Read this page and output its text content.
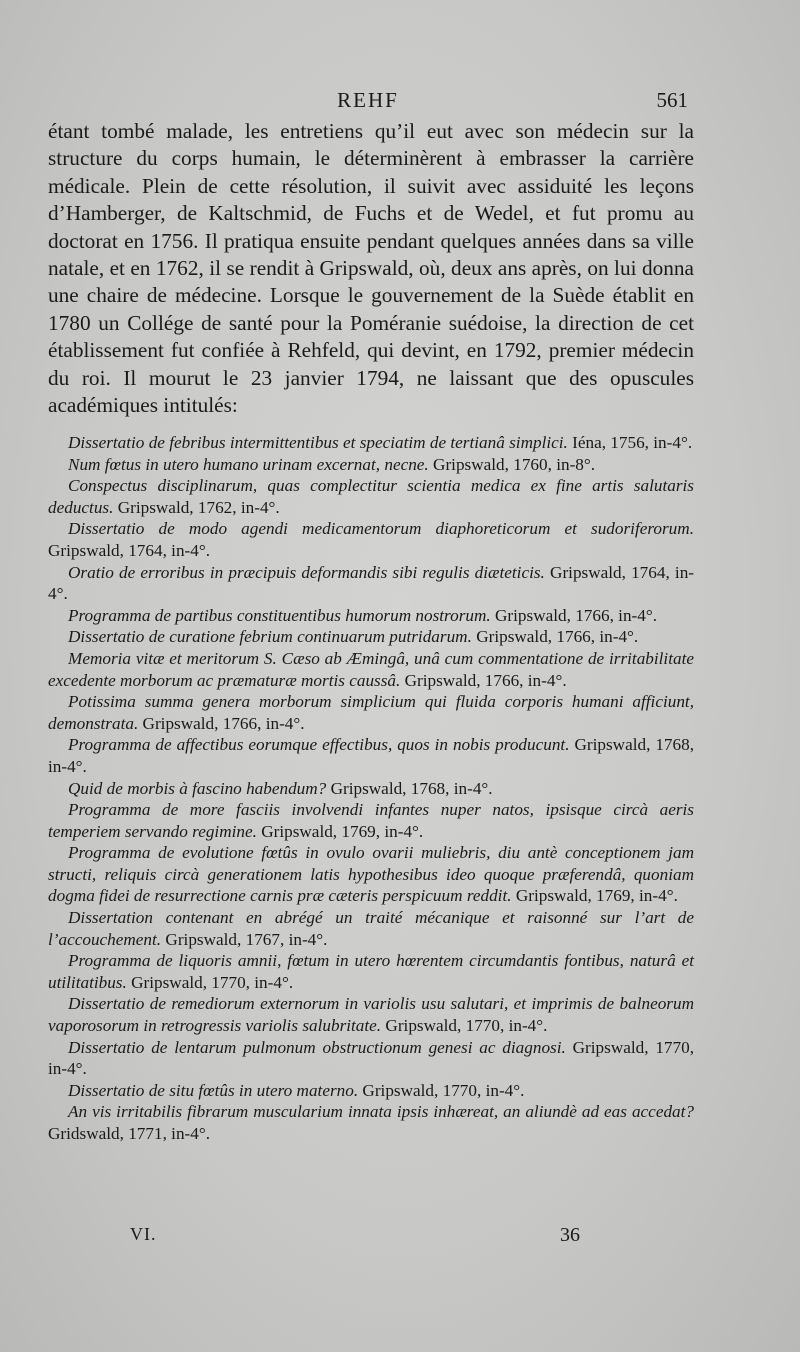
REHF	561

étant tombé malade, les entretiens qu’il eut avec son médecin sur la structure du corps humain, le déterminèrent à embrasser la carrière médicale. Plein de cette résolution, il suivit avec assiduité les leçons d’Hamberger, de Kaltschmid, de Fuchs et de Wedel, et fut promu au doctorat en 1756. Il pratiqua ensuite pendant quelques années dans sa ville natale, et en 1762, il se rendit à Gripswald, où, deux ans après, on lui donna une chaire de médecine. Lorsque le gouvernement de la Suède établit en 1780 un Collége de santé pour la Poméranie suédoise, la direction de cet établissement fut confiée à Rehfeld, qui devint, en 1792, premier médecin du roi. Il mourut le 23 janvier 1794, ne laissant que des opuscules académiques intitulés:

Dissertatio de febribus intermittentibus et speciatim de tertianâ simplici. Iéna, 1756, in-4°.
Num fœtus in utero humano urinam excernat, necne. Gripswald, 1760, in-8°.
Conspectus disciplinarum, quas complectitur scientia medica ex fine artis salutaris deductus. Gripswald, 1762, in-4°.
Dissertatio de modo agendi medicamentorum diaphoreticorum et sudoriferorum. Gripswald, 1764, in-4°.
Oratio de erroribus in præcipuis deformandis sibi regulis diæteticis. Gripswald, 1764, in-4°.
Programma de partibus constituentibus humorum nostrorum. Gripswald, 1766, in-4°.
Dissertatio de curatione febrium continuarum putridarum. Gripswald, 1766, in-4°.
Memoria vitæ et meritorum S. Cæso ab Æmingâ, unâ cum commentatione de irritabilitate excedente morborum ac præmaturæ mortis caussâ. Gripswald, 1766, in-4°.
Potissima summa genera morborum simplicium qui fluida corporis humani afficiunt, demonstrata. Gripswald, 1766, in-4°.
Programma de affectibus eorumque effectibus, quos in nobis producunt. Gripswald, 1768, in-4°.
Quid de morbis à fascino habendum? Gripswald, 1768, in-4°.
Programma de more fasciis involvendi infantes nuper natos, ipsisque circà aeris temperiem servando regimine. Gripswald, 1769, in-4°.
Programma de evolutione fœtûs in ovulo ovarii muliebris, diu antè conceptionem jam structi, reliquis circà generationem latis hypothesibus ideo quoque præferendâ, quoniam dogma fidei de resurrectione carnis præ cæteris perspicuum reddit. Gripswald, 1769, in-4°.
Dissertation contenant en abrégé un traité mécanique et raisonné sur l’art de l’accouchement. Gripswald, 1767, in-4°.
Programma de liquoris amnii, fœtum in utero hœrentem circumdantis fontibus, naturâ et utilitatibus. Gripswald, 1770, in-4°.
Dissertatio de remediorum externorum in variolis usu salutari, et imprimis de balneorum vaporosorum in retrogressis variolis salubritate. Gripswald, 1770, in-4°.
Dissertatio de lentarum pulmonum obstructionum genesi ac diagnosi. Gripswald, 1770, in-4°.
Dissertatio de situ fœtûs in utero materno. Gripswald, 1770, in-4°.
An vis irritabilis fibrarum muscularium innata ipsis inhæreat, an aliundè ad eas accedat? Gridswald, 1771, in-4°.
VI.	36
